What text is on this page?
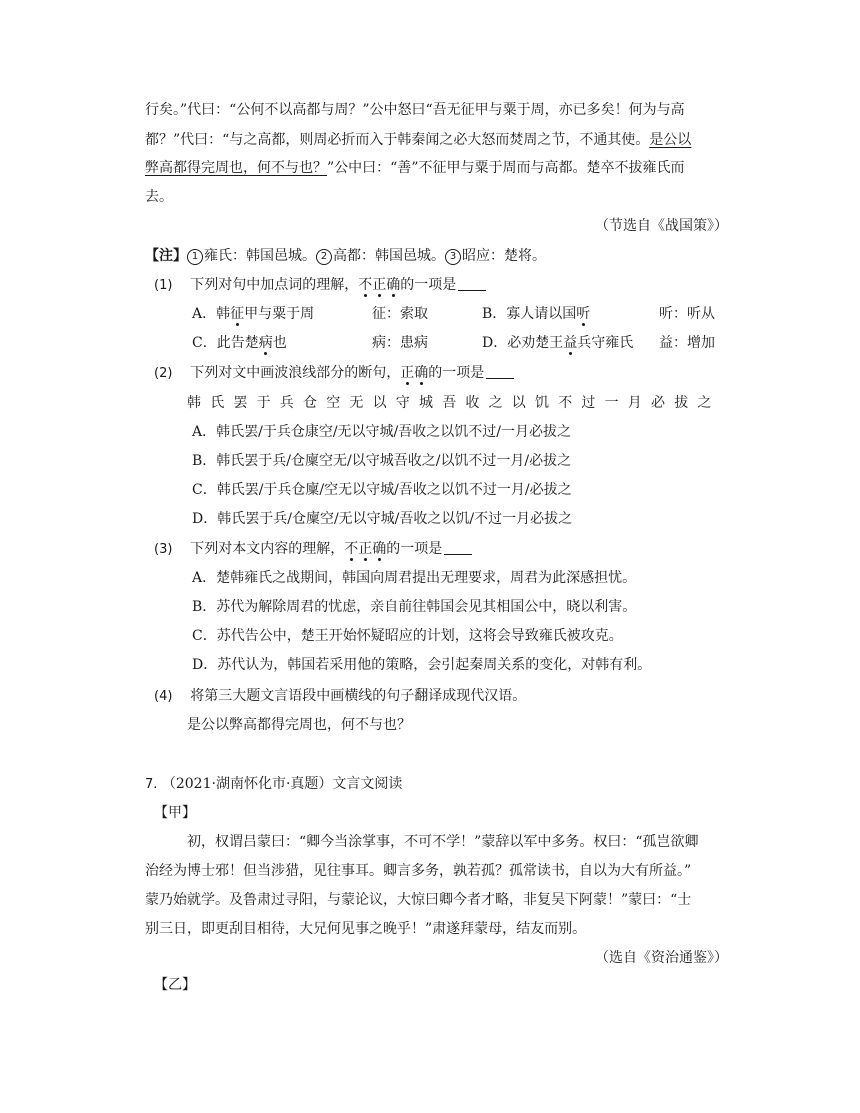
行矣。”代曰：“公何不以高都与周？”公中怒曰“吾无征甲与粟于周，亦已多矣！何为与高
都？”代曰：“与之高都，则周必折而入于韩秦闻之必大怒而焚周之节，不通其使。是公以
弊高都得完周也，何不与也？”公中曰：“善”不征甲与粟于周而与高都。楚卒不拔雍氏而
去。
（节选自《战国策》）
【注】 1 雍氏：韩国邑城。 2 高都：韩国邑城。 3 昭应：楚将。
(1) 下列对句中加点词的理解，不正确的一项是
A．韩征甲与粟于周	征：索取	B．寡人请以国听	听：听从
C．此告楚病也	病：患病	D．必劝楚王益兵守雍氏 益：增加
(2) 下列对文中画波浪线部分的断句，正确的一项是
韩氏罢于兵仓空无以守城吾收之以饥不过一月必拔之
A．韩氏罢/于兵仓康空/无以守城/吾收之以饥不过/一月必拔之
B．韩氏罢于兵/仓廩空无/以守城吾收之/以饥不过一月/必拔之
C．韩氏罢/于兵仓廩/空无以守城/吾收之以饥不过一月/必拔之
D．韩氏罢于兵/仓廩空/无以守城/吾收之以饥/不过一月必拔之
(3) 下列对本文内容的理解，不正确的一项是
A．楚韩雍氏之战期间，韩国向周君提出无理要求，周君为此深感担忧。
B．苏代为解除周君的忧虑，亲自前往韩国会见其相国公中，晓以利害。
C．苏代告公中，楚王开始怀疑昭应的计划，这将会导致雍氏被攻克。
D．苏代认为，韩国若采用他的策略，会引起秦周关系的变化，对韩有利。
(4) 将第三大题文言语段中画横线的句子翻译成现代汉语。
是公以弊高都得完周也，何不与也？
7. （2021·湖南怀化市·真题）文言文阅读
【甲】
初，权谓吕蒙曰：“卿今当涂掌事，不可不学！”蒙辞以军中多务。权曰：“孤岂欲卿
治经为博士邪！但当涉猎，见往事耳。卿言多务，孰若孤？孤常读书，自以为大有所益。”
蒙乃始就学。及鲁肃过寻阳，与蒙论议，大惊曰卿今者才略，非复吴下阿蒙！”蒙曰：“士
别三日，即更刮目相待，大兄何见事之晚乎！”肃遂拜蒙母，结友而别。
（选自《资治通鉴》）
【乙】
